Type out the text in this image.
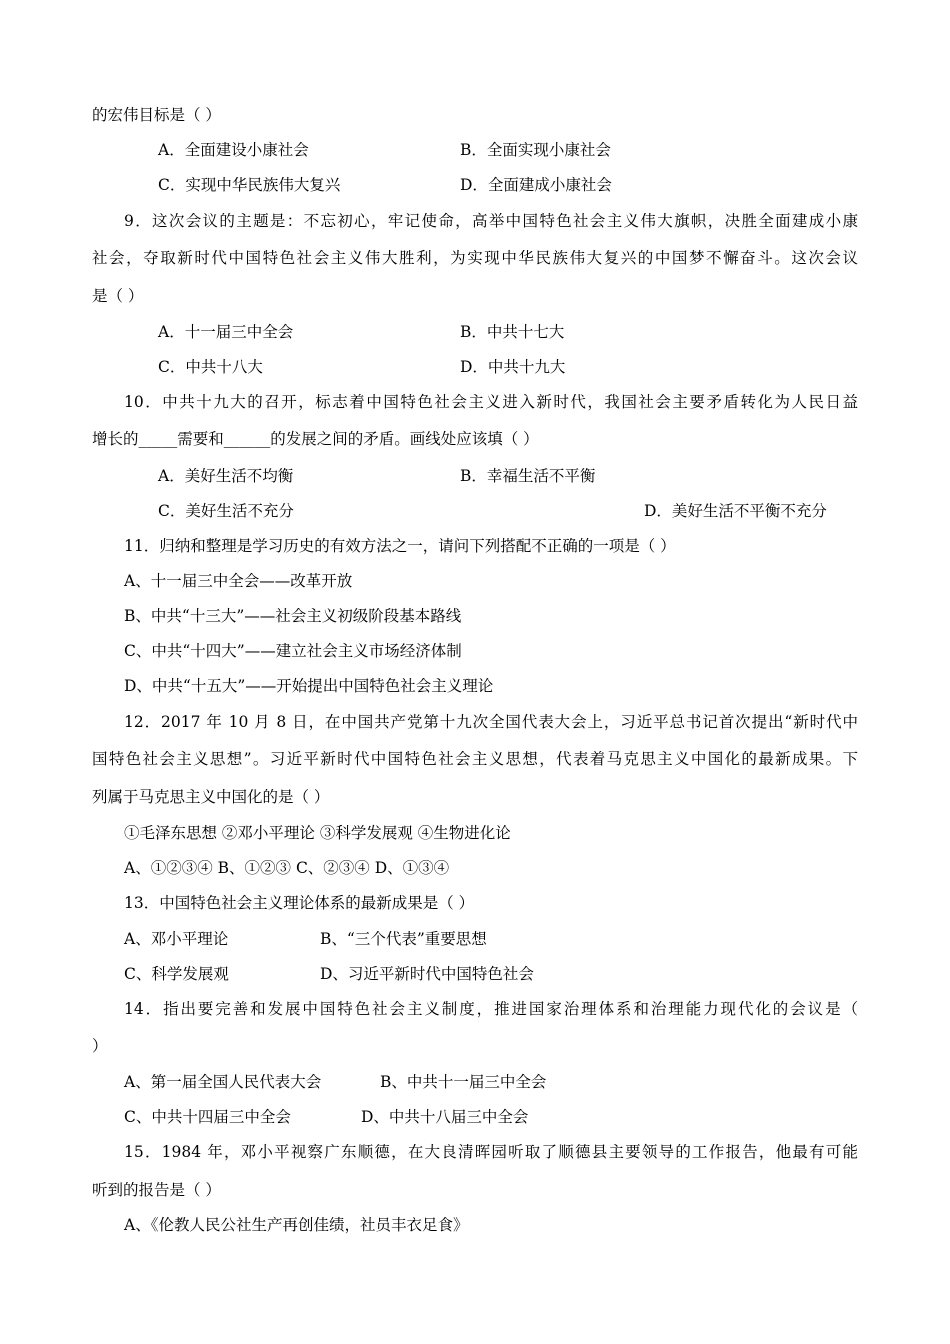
的宏伟目标是（ ）
A．全面建设小康社会	B．全面实现小康社会
C．实现中华民族伟大复兴	D．全面建成小康社会
9．这次会议的主题是：不忘初心，牢记使命，高举中国特色社会主义伟大旗帜，决胜全面建成小康
社会，夺取新时代中国特色社会主义伟大胜利，为实现中华民族伟大复兴的中国梦不懈奋斗。这次会议
是（ ）
A．十一届三中全会	B．中共十七大
C．中共十八大	D．中共十九大
10．中共十九大的召开，标志着中国特色社会主义进入新时代，我国社会主要矛盾转化为人民日益
增长的_____需要和______的发展之间的矛盾。画线处应该填（ ）
A．美好生活不均衡	B．幸福生活不平衡
C．美好生活不充分	D．美好生活不平衡不充分
11．归纳和整理是学习历史的有效方法之一，请问下列搭配不正确的一项是（ ）
A、十一届三中全会——改革开放
B、中共“十三大”——社会主义初级阶段基本路线
C、中共“十四大”——建立社会主义市场经济体制
D、中共“十五大”——开始提出中国特色社会主义理论
12．2017 年 10 月 8 日，在中国共产党第十九次全国代表大会上，习近平总书记首次提出“新时代中
国特色社会主义思想”。习近平新时代中国特色社会主义思想，代表着马克思主义中国化的最新成果。下
列属于马克思主义中国化的是（ ）
①毛泽东思想 ②邓小平理论 ③科学发展观 ④生物进化论
A、①②③④ B、①②③ C、②③④ D、①③④
13．中国特色社会主义理论体系的最新成果是（ ）
A、邓小平理论	B、“三个代表”重要思想
C、科学发展观	D、习近平新时代中国特色社会
14．指出要完善和发展中国特色社会主义制度，推进国家治理体系和治理能力现代化的会议是（
）
A、第一届全国人民代表大会	B、中共十一届三中全会
C、中共十四届三中全会	D、中共十八届三中全会
15．1984 年，邓小平视察广东顺德，在大良清晖园听取了顺德县主要领导的工作报告，他最有可能
听到的报告是（ ）
A、《伦教人民公社生产再创佳绩，社员丰衣足食》
